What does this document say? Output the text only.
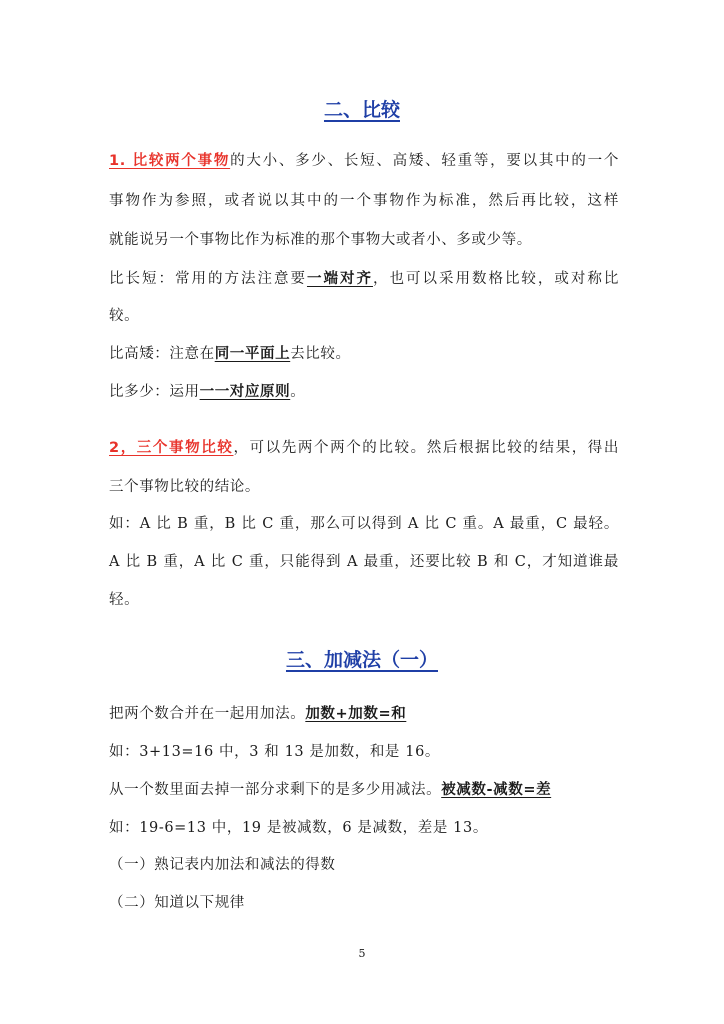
二、比较
1. 比较两个事物的大小、多少、长短、高矮、轻重等，要以其中的一个
事物作为参照，或者说以其中的一个事物作为标准，然后再比较，这样
就能说另一个事物比作为标准的那个事物大或者小、多或少等。
比长短：常用的方法注意要一端对齐，也可以采用数格比较，或对称比
较。
比高矮：注意在同一平面上去比较。
比多少：运用一一对应原则。
2，三个事物比较，可以先两个两个的比较。然后根据比较的结果，得出
三个事物比较的结论。
如：A 比 B 重，B 比 C 重，那么可以得到 A 比 C 重。A 最重，C 最轻。
A 比 B 重，A 比 C 重，只能得到 A 最重，还要比较 B 和 C，才知道谁最
轻。
三、加减法（一）
把两个数合并在一起用加法。加数+加数=和
如：3+13=16 中，3 和 13 是加数，和是 16。
从一个数里面去掉一部分求剩下的是多少用减法。被减数-减数=差
如：19-6=13 中，19 是被减数，6 是减数，差是 13。
（一）熟记表内加法和减法的得数
（二）知道以下规律
5
